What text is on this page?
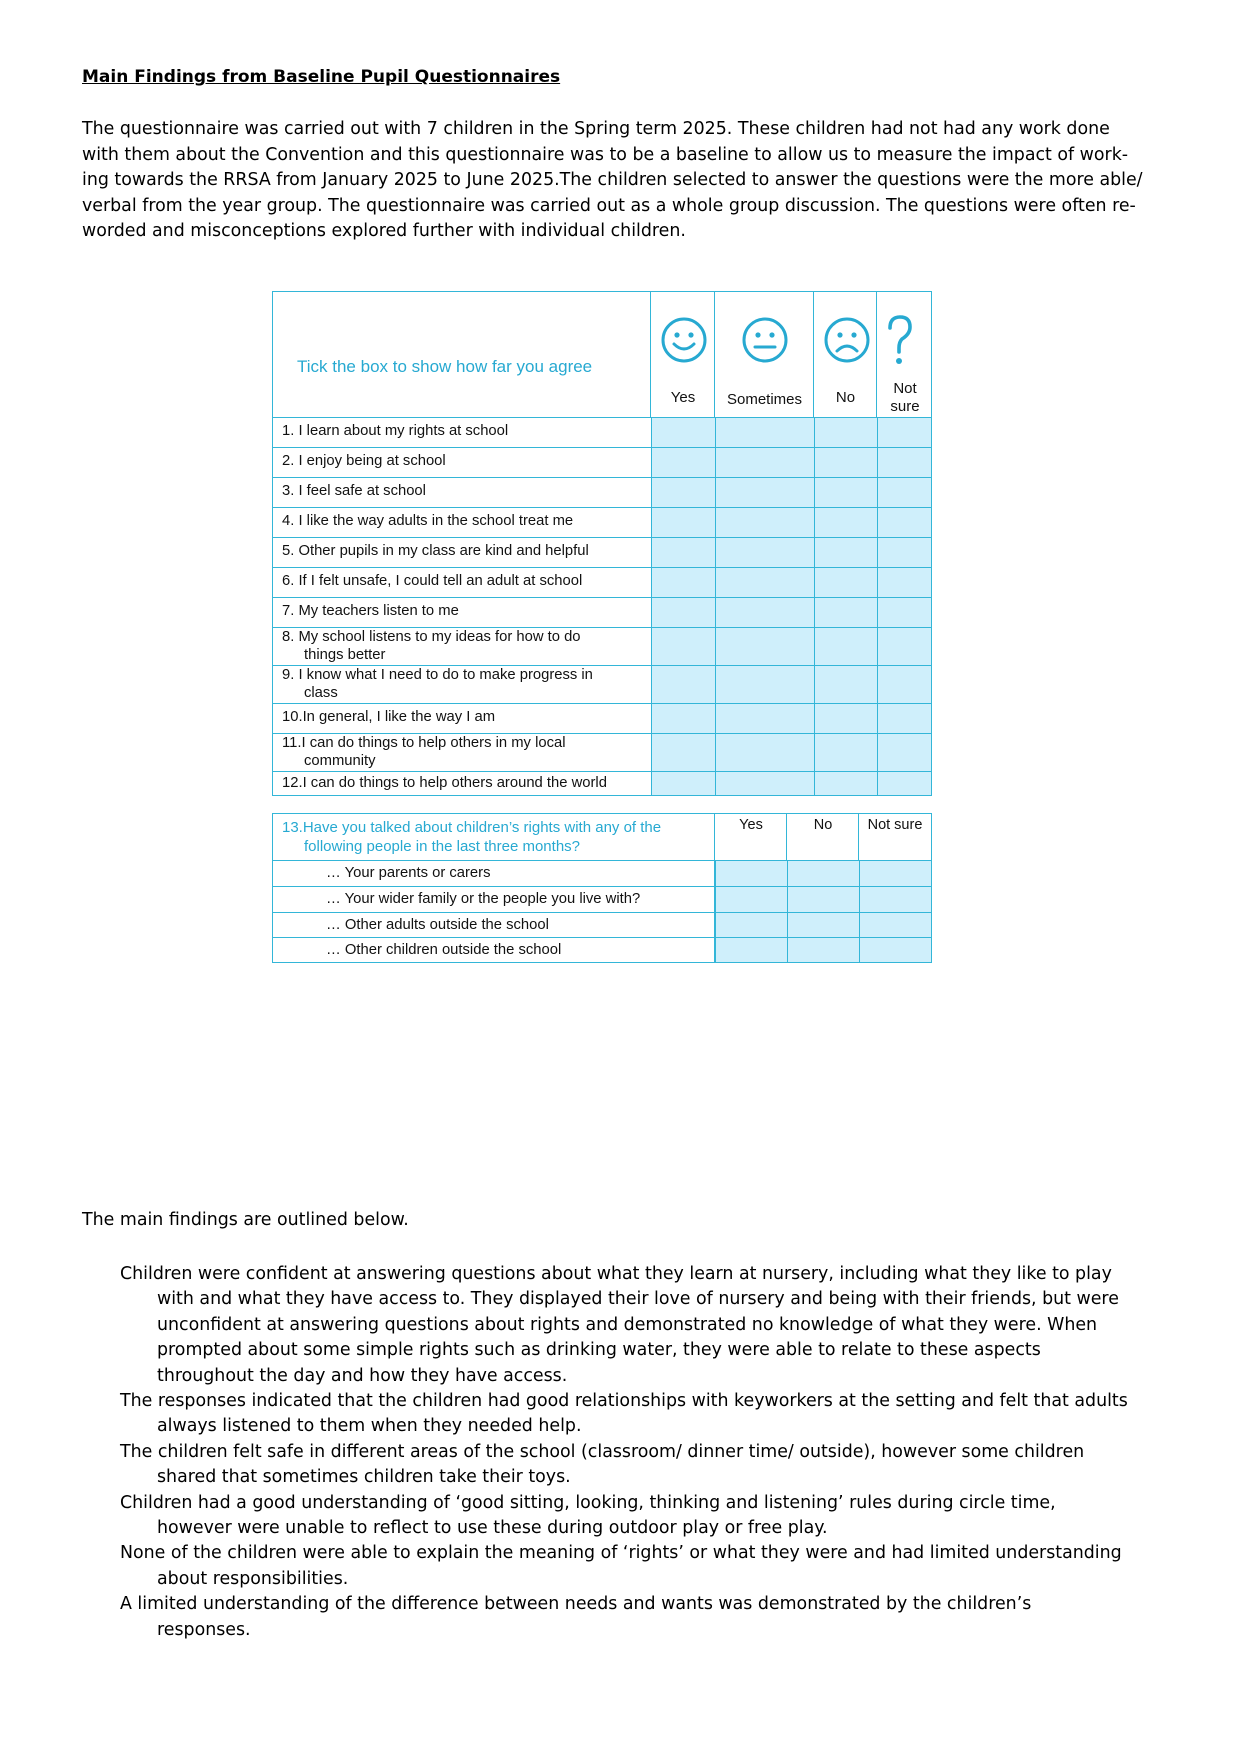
Main Findings from Baseline Pupil Questionnaires
The questionnaire was carried out with 7 children in the Spring term 2025. These children had not had any work done
with them about the Convention and this questionnaire was to be a baseline to allow us to measure the impact of work-
ing towards the RRSA from January 2025 to June 2025.The children selected to answer the questions were the more able/
verbal from the year group. The questionnaire was carried out as a whole group discussion. The questions were often re-
worded and misconceptions explored further with individual children.
Tick the box to show how far you agree
Yes	Sometimes	No
Not
sure
1. I learn about my rights at school
2. I enjoy being at school
3. I feel safe at school
4. I like the way adults in the school treat me
5. Other pupils in my class are kind and helpful
6. If I felt unsafe, I could tell an adult at school
7. My teachers listen to me
8. My school listens to my ideas for how to do
things better
9. I know what I need to do to make progress in
class
10.In general, I like the way I am
11.I can do things to help others in my local
community
12.I can do things to help others around the world
13.Have you talked about children’s rights with any of the
following people in the last three months?
Yes	No	Not sure
… Your parents or carers
… Your wider family or the people you live with?
… Other adults outside the school
… Other children outside the school
The main findings are outlined below.
Children were confident at answering questions about what they learn at nursery, including what they like to play with and what they have access to. They displayed their love of nursery and being with their friends, but were unconfident at answering questions about rights and demonstrated no knowledge of what they were. When prompted about some simple rights such as drinking water, they were able to relate to these aspects throughout the day and how they have access.
The responses indicated that the children had good relationships with keyworkers at the setting and felt that adults always listened to them when they needed help.
The children felt safe in different areas of the school (classroom/ dinner time/ outside), however some children shared that sometimes children take their toys.
Children had a good understanding of ‘good sitting, looking, thinking and listening’ rules during circle time, however were unable to reflect to use these during outdoor play or free play.
None of the children were able to explain the meaning of ‘rights’ or what they were and had limited understanding about responsibilities.
A limited understanding of the difference between needs and wants was demonstrated by the children’s responses.
